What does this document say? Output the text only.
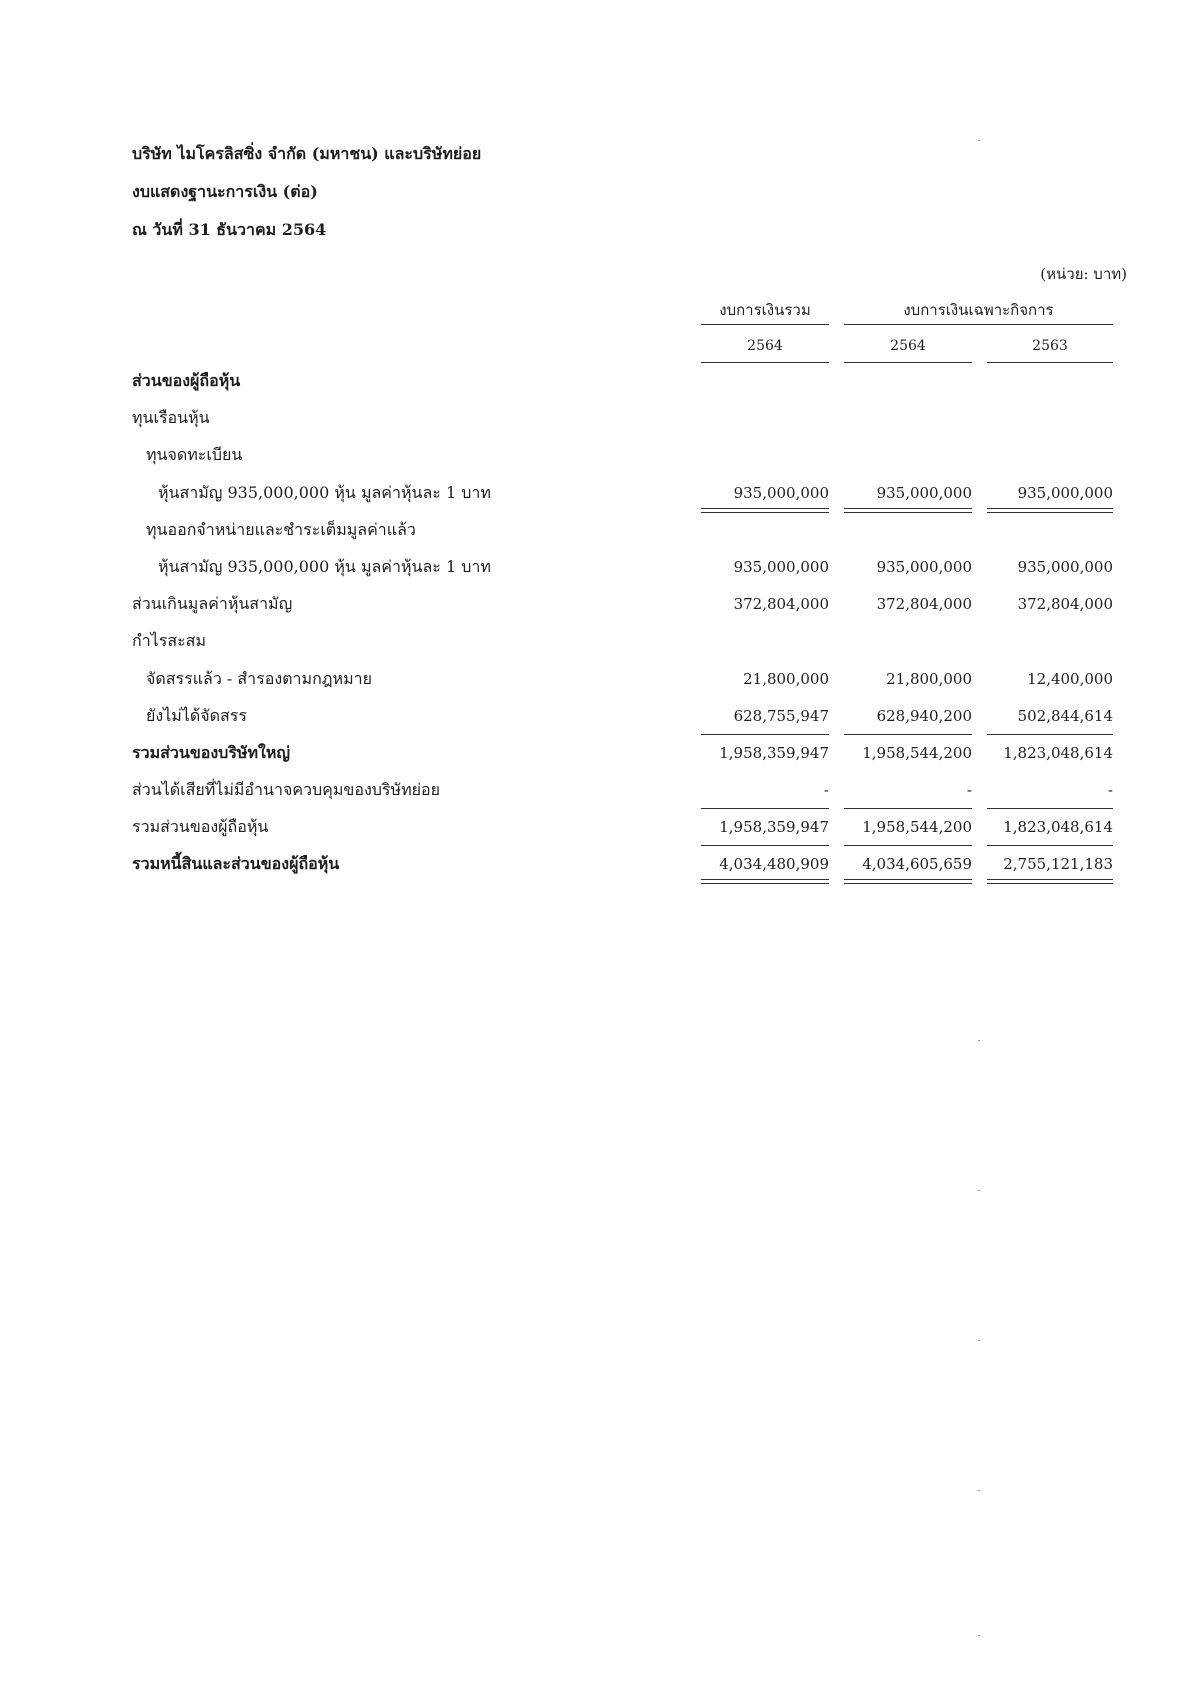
บริษัท ไมโครลิสซิ่ง จำกัด (มหาชน) และบริษัทย่อย
งบแสดงฐานะการเงิน (ต่อ)
ณ วันที่ 31 ธันวาคม 2564
(หน่วย: บาท)
งบการเงินรวม	งบการเงินเฉพาะกิจการ
2564	2564	2563
ส่วนของผู้ถือหุ้น
ทุนเรือนหุ้น
ทุนจดทะเบียน
หุ้นสามัญ 935,000,000 หุ้น มูลค่าหุ้นละ 1 บาท	935,000,000	935,000,000	935,000,000
ทุนออกจำหน่ายและชำระเต็มมูลค่าแล้ว
หุ้นสามัญ 935,000,000 หุ้น มูลค่าหุ้นละ 1 บาท	935,000,000	935,000,000	935,000,000
ส่วนเกินมูลค่าหุ้นสามัญ	372,804,000	372,804,000	372,804,000
กำไรสะสม
จัดสรรแล้ว - สำรองตามกฎหมาย	21,800,000	21,800,000	12,400,000
ยังไม่ได้จัดสรร	628,755,947	628,940,200	502,844,614
รวมส่วนของบริษัทใหญ่	1,958,359,947	1,958,544,200	1,823,048,614
ส่วนได้เสียที่ไม่มีอำนาจควบคุมของบริษัทย่อย	-	-	-
รวมส่วนของผู้ถือหุ้น	1,958,359,947	1,958,544,200	1,823,048,614
รวมหนี้สินและส่วนของผู้ถือหุ้น	4,034,480,909	4,034,605,659	2,755,121,183
